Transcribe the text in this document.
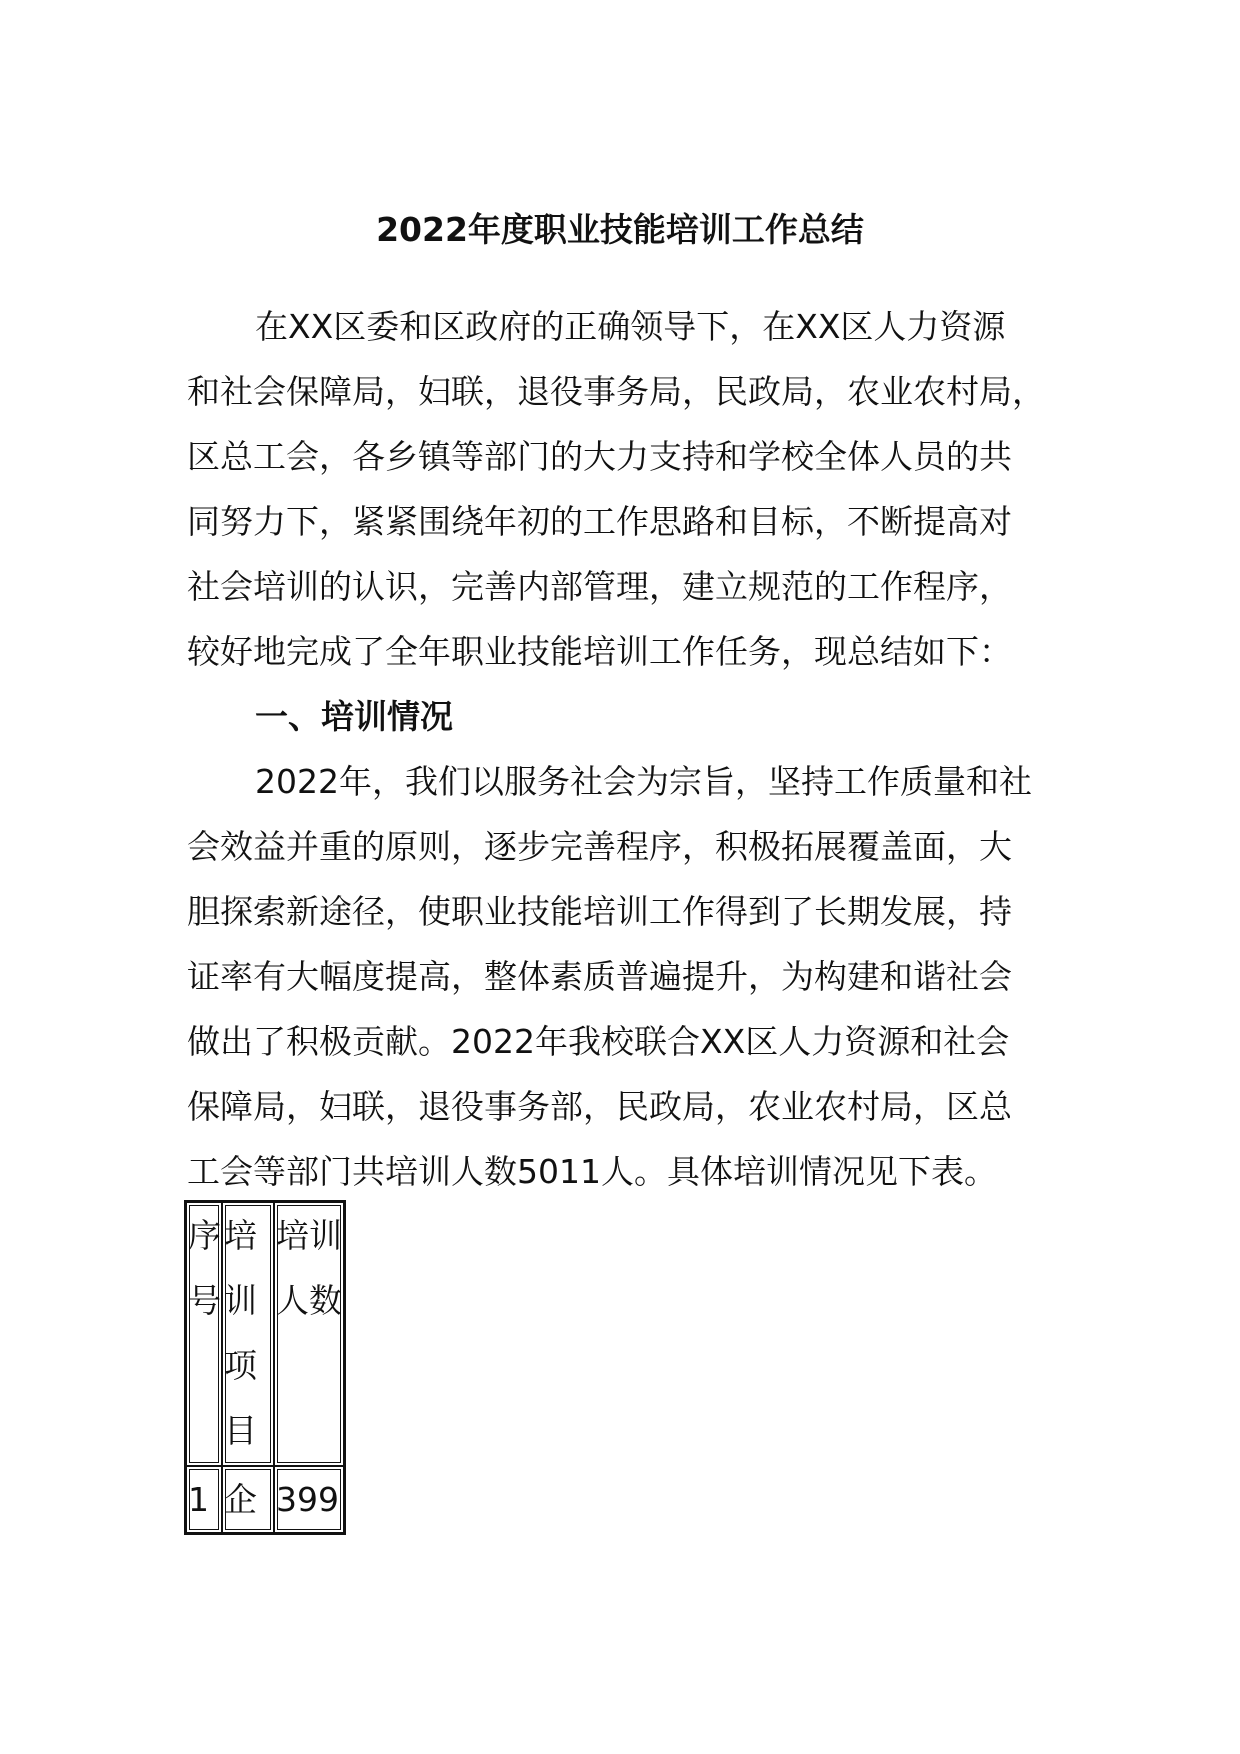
2022年度职业技能培训工作总结
在XX区委和区政府的正确领导下，在XX区人力资源
和社会保障局，妇联，退役事务局，民政局，农业农村局，
区总工会，各乡镇等部门的大力支持和学校全体人员的共
同努力下，紧紧围绕年初的工作思路和目标，不断提高对
社会培训的认识，完善内部管理，建立规范的工作程序，
较好地完成了全年职业技能培训工作任务，现总结如下：
一、培训情况
2022年，我们以服务社会为宗旨，坚持工作质量和社
会效益并重的原则，逐步完善程序，积极拓展覆盖面，大
胆探索新途径，使职业技能培训工作得到了长期发展，持
证率有大幅度提高，整体素质普遍提升，为构建和谐社会
做出了积极贡献。2022年我校联合XX区人力资源和社会
保障局，妇联，退役事务部，民政局，农业农村局，区总
工会等部门共培训人数5011人。具体培训情况见下表。
序号	培训项目	培训人数

1	企	399
